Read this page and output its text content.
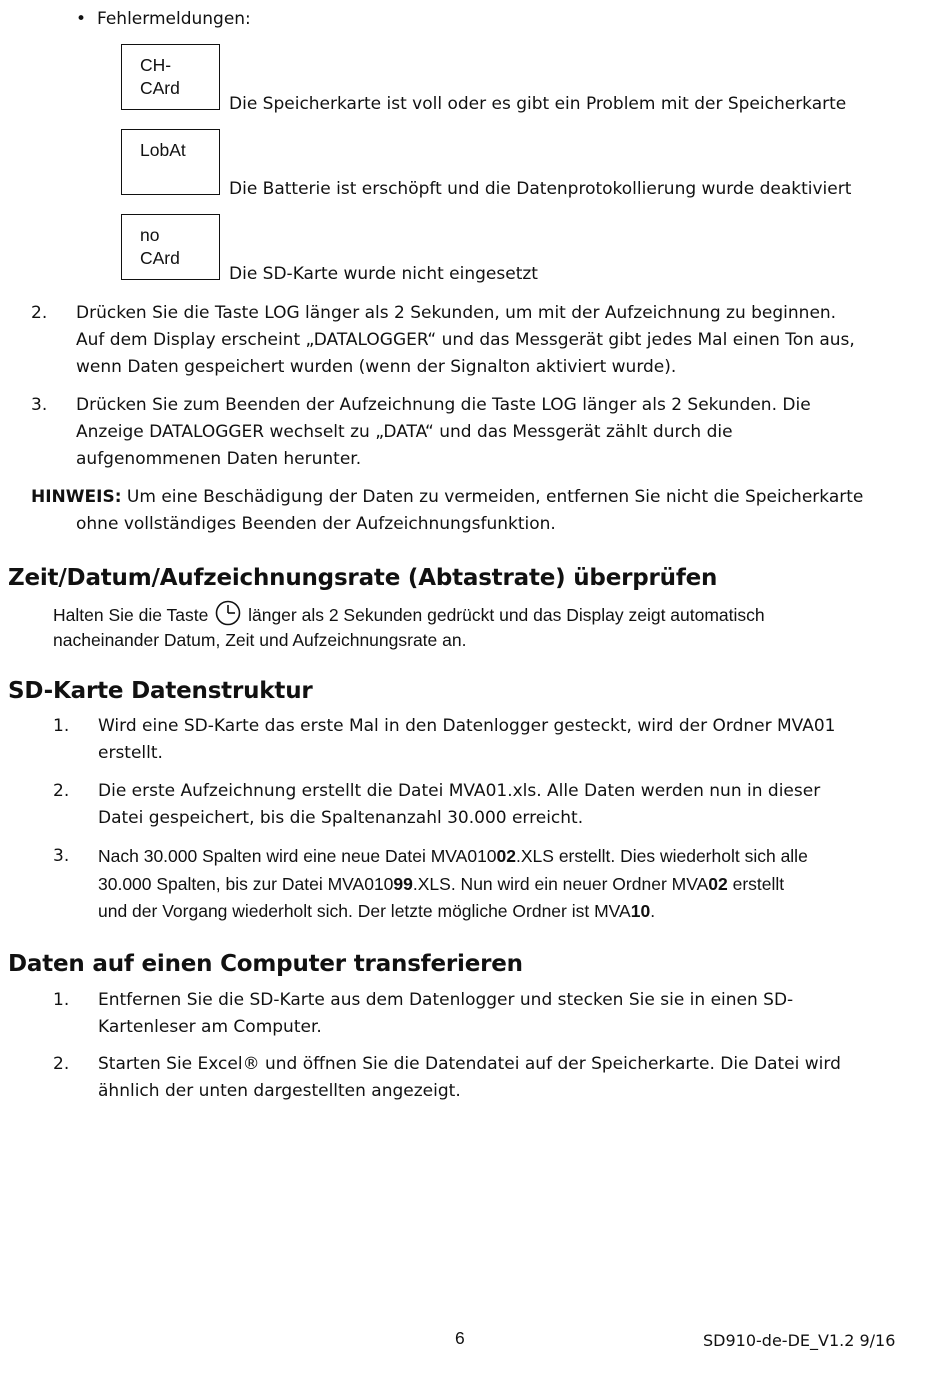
• Fehlermeldungen:
CH-
CArd
Die Speicherkarte ist voll oder es gibt ein Problem mit der Speicherkarte
LobAt
Die Batterie ist erschöpft und die Datenprotokollierung wurde deaktiviert
no
CArd
Die SD-Karte wurde nicht eingesetzt
2. Drücken Sie die Taste LOG länger als 2 Sekunden, um mit der Aufzeichnung zu beginnen.
Auf dem Display erscheint „DATALOGGER“ und das Messgerät gibt jedes Mal einen Ton aus,
wenn Daten gespeichert wurden (wenn der Signalton aktiviert wurde).
3. Drücken Sie zum Beenden der Aufzeichnung die Taste LOG länger als 2 Sekunden. Die
Anzeige DATALOGGER wechselt zu „DATA“ und das Messgerät zählt durch die
aufgenommenen Daten herunter.
HINWEIS: Um eine Beschädigung der Daten zu vermeiden, entfernen Sie nicht die Speicherkarte
ohne vollständiges Beenden der Aufzeichnungsfunktion.
Zeit/Datum/Aufzeichnungsrate (Abtastrate) überprüfen
Halten Sie die Taste länger als 2 Sekunden gedrückt und das Display zeigt automatisch
nacheinander Datum, Zeit und Aufzeichnungsrate an.
SD-Karte Datenstruktur
1. Wird eine SD-Karte das erste Mal in den Datenlogger gesteckt, wird der Ordner MVA01
erstellt.
2. Die erste Aufzeichnung erstellt die Datei MVA01.xls. Alle Daten werden nun in dieser
Datei gespeichert, bis die Spaltenanzahl 30.000 erreicht.
3. Nach 30.000 Spalten wird eine neue Datei MVA01002.XLS erstellt. Dies wiederholt sich alle
30.000 Spalten, bis zur Datei MVA01099.XLS. Nun wird ein neuer Ordner MVA02 erstellt
und der Vorgang wiederholt sich. Der letzte mögliche Ordner ist MVA10.
Daten auf einen Computer transferieren
1. Entfernen Sie die SD-Karte aus dem Datenlogger und stecken Sie sie in einen SD-
Kartenleser am Computer.
2. Starten Sie Excel® und öffnen Sie die Datendatei auf der Speicherkarte. Die Datei wird
ähnlich der unten dargestellten angezeigt.
6	SD910-de-DE_V1.2 9/16
